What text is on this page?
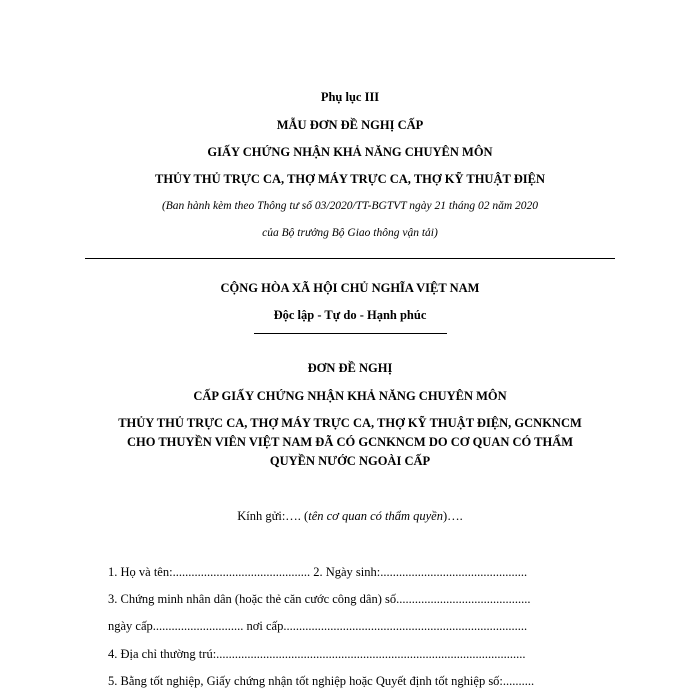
Phụ lục III
MẪU ĐƠN ĐỀ NGHỊ CẤP
GIẤY CHỨNG NHẬN KHẢ NĂNG CHUYÊN MÔN
THỦY THỦ TRỰC CA, THỢ MÁY TRỰC CA, THỢ KỸ THUẬT ĐIỆN
(Ban hành kèm theo Thông tư số 03/2020/TT-BGTVT ngày 21 tháng 02 năm 2020
của Bộ trưởng Bộ Giao thông vận tải)
CỘNG HÒA XÃ HỘI CHỦ NGHĨA VIỆT NAM
Độc lập - Tự do - Hạnh phúc
ĐƠN ĐỀ NGHỊ
CẤP GIẤY CHỨNG NHẬN KHẢ NĂNG CHUYÊN MÔN
THỦY THỦ TRỰC CA, THỢ MÁY TRỰC CA, THỢ KỸ THUẬT ĐIỆN, GCNKNCM
CHO THUYỀN VIÊN VIỆT NAM ĐÃ CÓ GCNKNCM DO CƠ QUAN CÓ THẨM
QUYỀN NƯỚC NGOÀI CẤP
Kính gửi:…. (tên cơ quan có thẩm quyền)….
1. Họ và tên:............................................ 2. Ngày sinh:...............................................
3. Chứng minh nhân dân (hoặc thẻ căn cước công dân) số...........................................
ngày cấp............................. nơi cấp..............................................................................
4. Địa chỉ thường trú:...................................................................................................
5. Bằng tốt nghiệp, Giấy chứng nhận tốt nghiệp hoặc Quyết định tốt nghiệp số:..........
